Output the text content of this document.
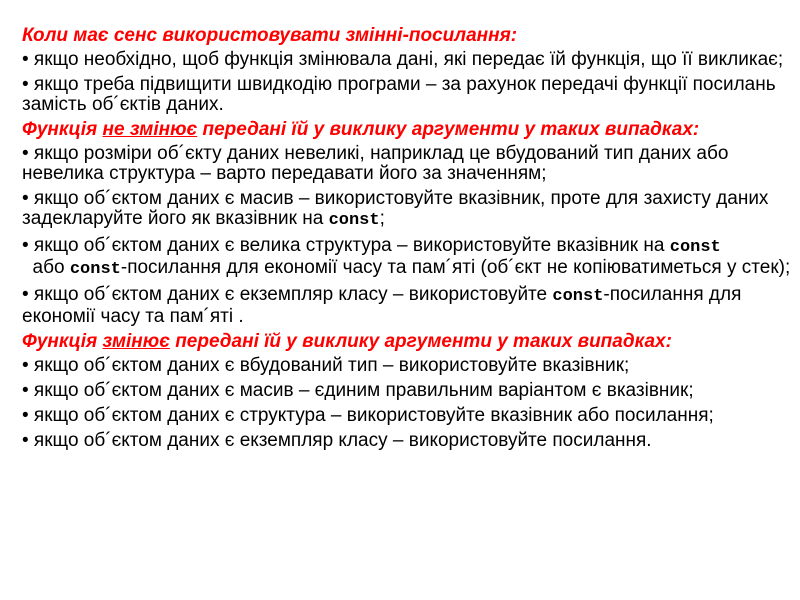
Коли має сенс використовувати змінні-посилання:
• якщо необхідно, щоб функція змінювала дані, які передає їй функція, що її викликає;
• якщо треба підвищити швидкодію програми – за рахунок передачі функції посилань замість об´єктів даних.
Функція не змінює передані їй у виклику аргументи у таких випадках:
• якщо розміри об´єкту даних невеликі, наприклад це вбудований тип даних або невелика структура – варто передавати його за значенням;
• якщо об´єктом даних є масив – використовуйте вказівник, проте для захисту даних задекларуйте його як вказівник на const;
• якщо об´єктом даних є велика структура – використовуйте вказівник на const  або const-посилання для економії часу та пам´яті (об´єкт не копіюватиметься у стек);
• якщо об´єктом даних є екземпляр класу – використовуйте const-посилання для економії часу та пам´яті .
Функція змінює передані їй у виклику аргументи у таких випадках:
• якщо об´єктом даних є вбудований тип – використовуйте вказівник;
• якщо об´єктом даних є масив – єдиним правильним варіантом є вказівник;
• якщо об´єктом даних є структура – використовуйте вказівник або посилання;
• якщо об´єктом даних є екземпляр класу – використовуйте посилання.
